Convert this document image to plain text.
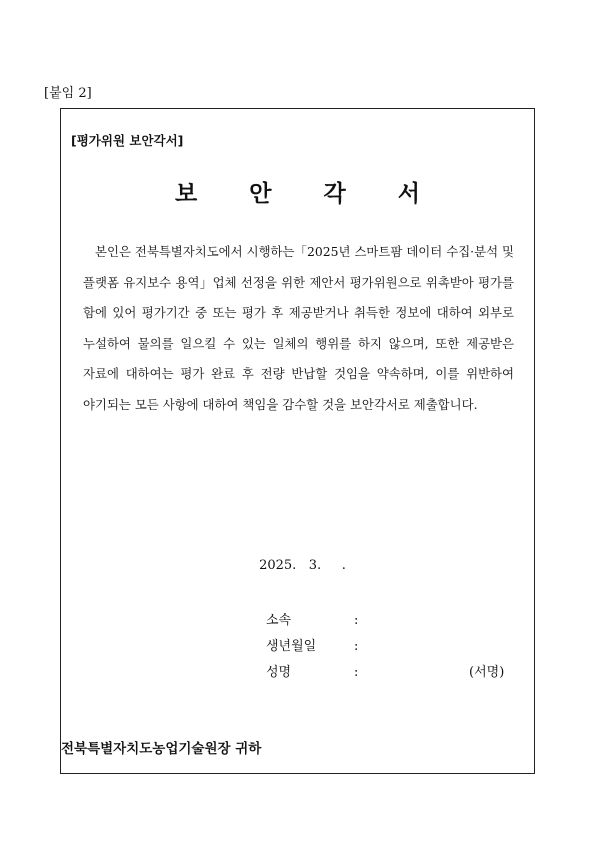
[붙임 2]
[평가위원 보안각서]
보 안 각 서
본인은 전북특별자치도에서 시행하는「2025년 스마트팜 데이터 수집·분석 및 플랫폼 유지보수 용역」업체 선정을 위한 제안서 평가위원으로 위촉받아 평가를 함에 있어 평가기간 중 또는 평가 후 제공받거나 취득한 정보에 대하여 외부로 누설하여 물의를 일으킬 수 있는 일체의 행위를 하지 않으며, 또한 제공받은 자료에 대하여는 평가 완료 후 전량 반납할 것임을 약속하며, 이를 위반하여 야기되는 모든 사항에 대하여 책임을 감수할 것을 보안각서로 제출합니다.
2025.   3.     .
소속	:
생년월일	:
성명	:	(서명)
전북특별자치도농업기술원장 귀하
